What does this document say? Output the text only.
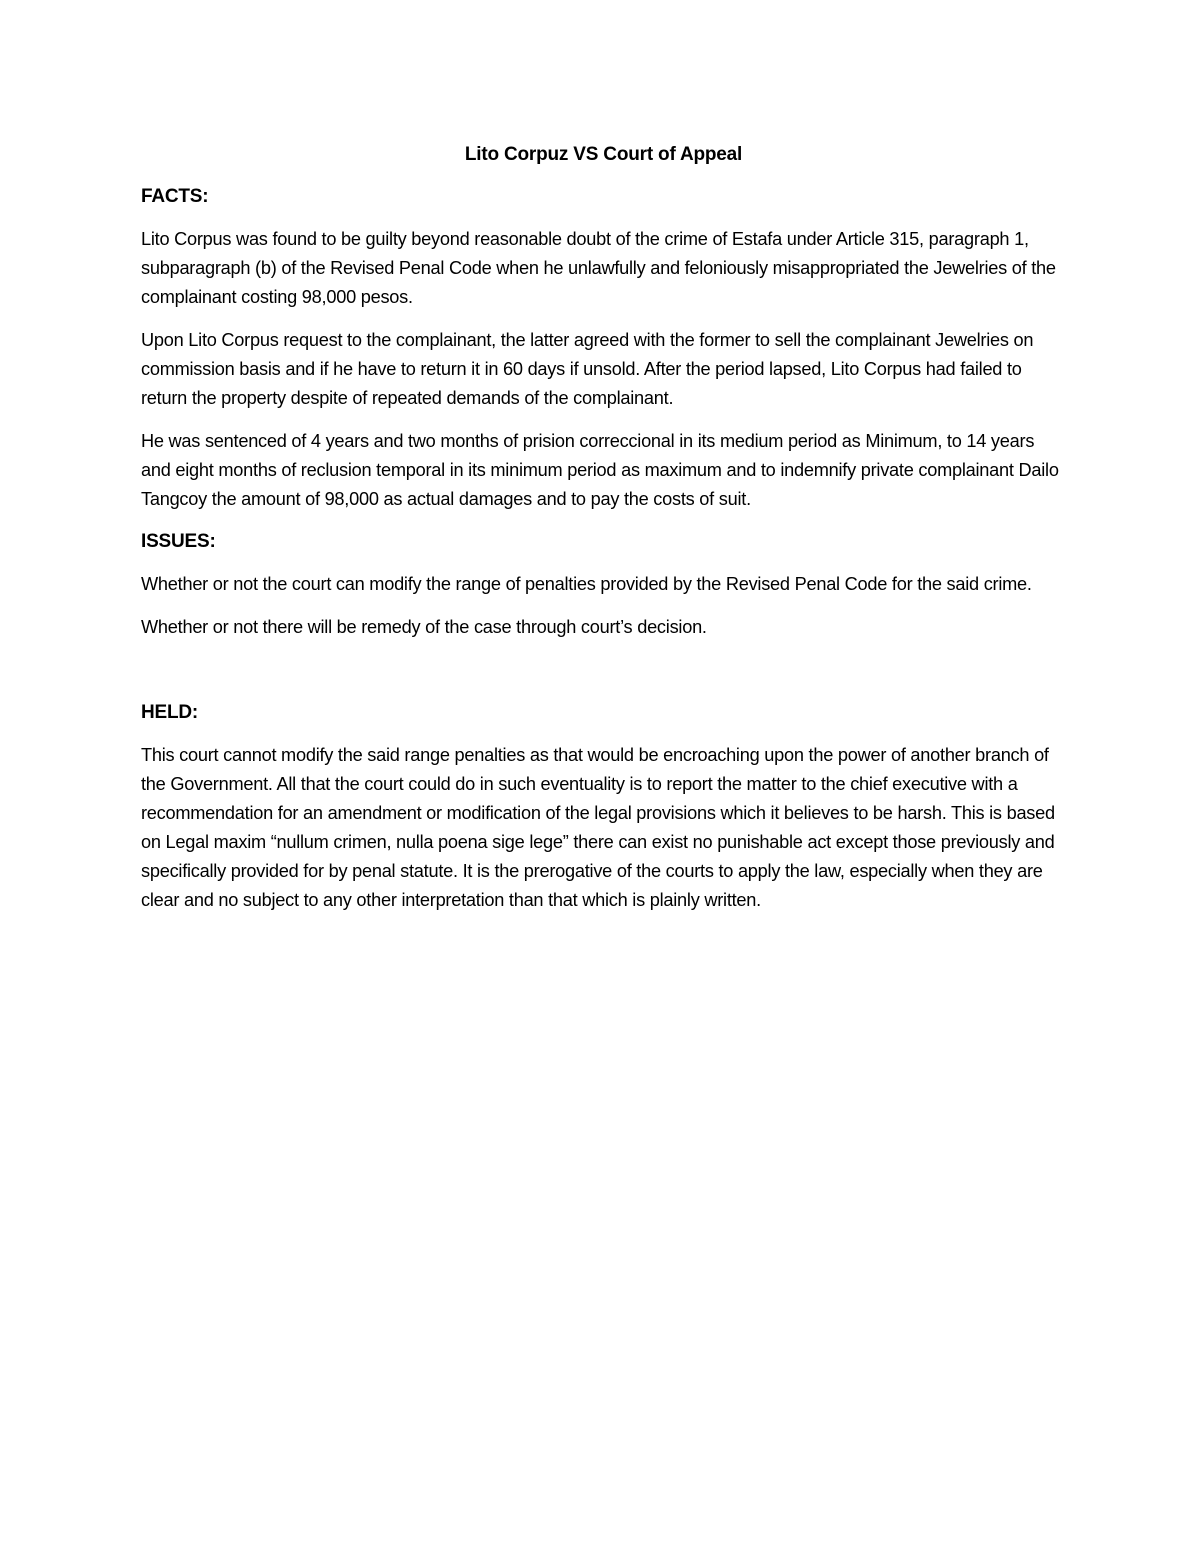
Lito Corpuz VS Court of Appeal
FACTS:

Lito Corpus was found to be guilty beyond reasonable doubt of the crime of Estafa under Article 315, paragraph 1, subparagraph (b) of the Revised Penal Code when he unlawfully and feloniously misappropriated the Jewelries of the complainant costing 98,000 pesos.

Upon Lito Corpus request to the complainant, the latter agreed with the former to sell the complainant Jewelries on commission basis and if he have to return it in 60 days if unsold. After the period lapsed, Lito Corpus had failed to return the property despite of repeated demands of the complainant.

He was sentenced of 4 years and two months of prision correccional in its medium period as Minimum, to 14 years and eight months of reclusion temporal in its minimum period as maximum and to indemnify private complainant Dailo Tangcoy the amount of 98,000 as actual damages and to pay the costs of suit.

ISSUES:

Whether or not the court can modify the range of penalties provided by the Revised Penal Code for the said crime.

Whether or not there will be remedy of the case through court’s decision.

HELD:

This court cannot modify the said range penalties as that would be encroaching upon the power of another branch of the Government. All that the court could do in such eventuality is to report the matter to the chief executive with a recommendation for an amendment or modification of the legal provisions which it believes to be harsh. This is based on Legal maxim “nullum crimen, nulla poena sige lege” there can exist no punishable act except those previously and specifically provided for by penal statute. It is the prerogative of the courts to apply the law, especially when they are clear and no subject to any other interpretation than that which is plainly written.
